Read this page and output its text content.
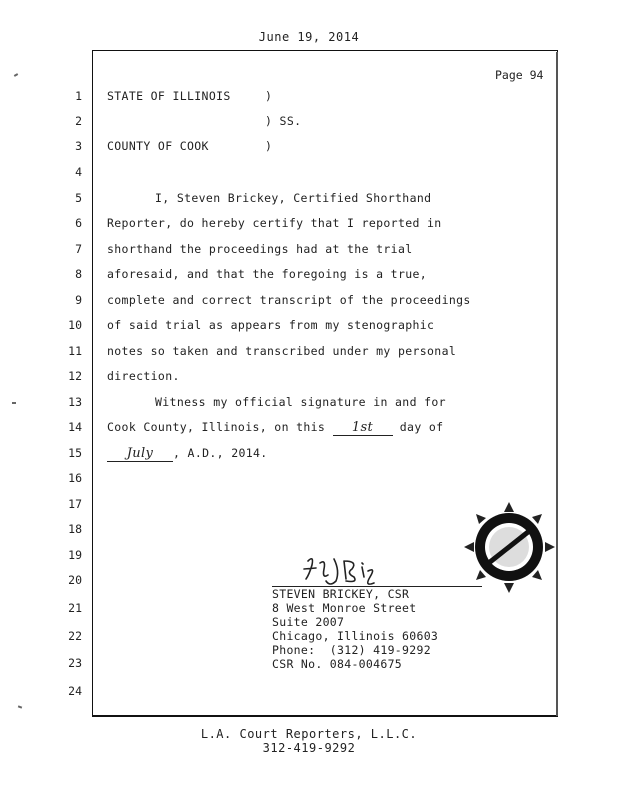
June 19, 2014
Page 94
1
2
3
4
5
6
7
8
9
10
11
12
13
14
15
16
17
18
19
20
21
22
23
24
STATE OF ILLINOIS	)
) SS.
COUNTY OF COOK	)
I, Steven Brickey, Certified Shorthand
Reporter, do hereby certify that I reported in
shorthand the proceedings had at the trial
aforesaid, and that the foregoing is a true,
complete and correct transcript of the proceedings
of said trial as appears from my stenographic
notes so taken and transcribed under my personal
direction.
Witness my official signature in and for
Cook County, Illinois, on this 1st day of
July , A.D., 2014.
STEVEN BRICKEY, CSR
8 West Monroe Street
Suite 2007
Chicago, Illinois 60603
Phone:  (312) 419-9292
CSR No. 084-004675
L.A. Court Reporters, L.L.C.
312-419-9292
